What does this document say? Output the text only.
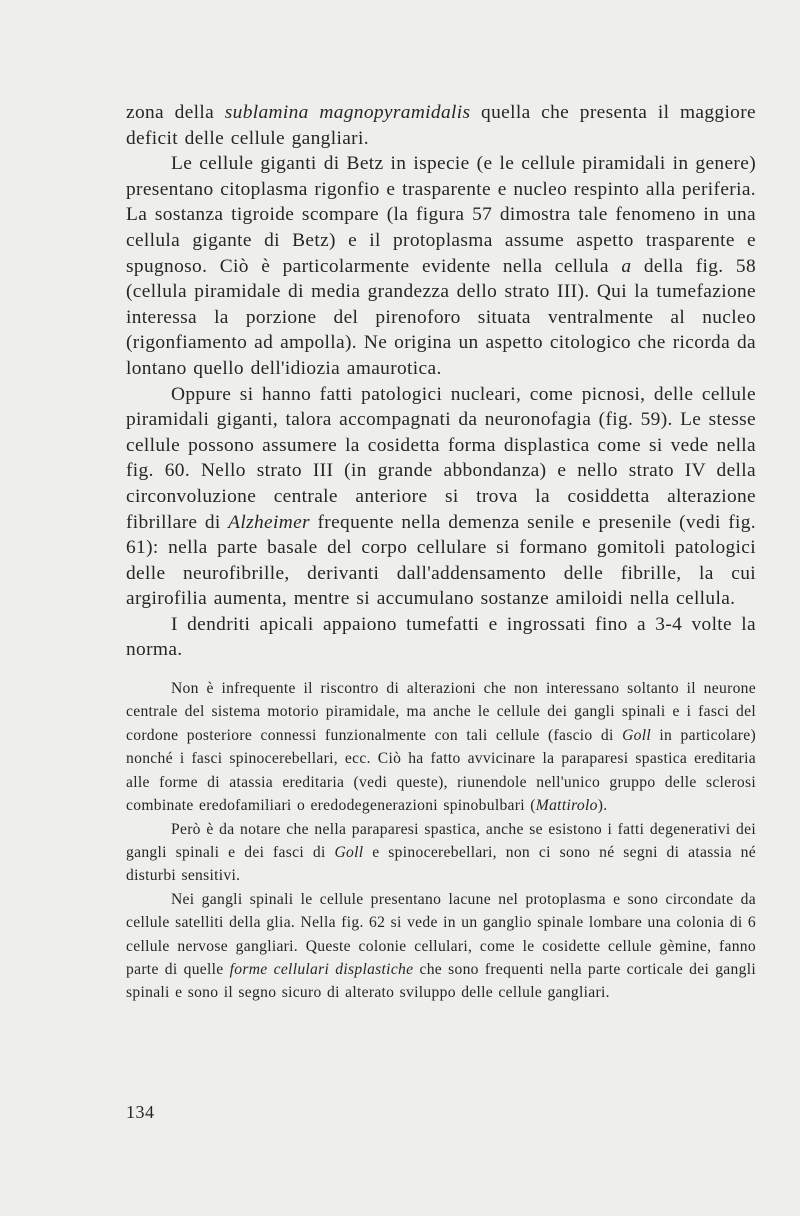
zona della sublamina magnopyramidalis quella che presenta il maggiore deficit delle cellule gangliari.

Le cellule giganti di Betz in ispecie (e le cellule piramidali in genere) presentano citoplasma rigonfio e trasparente e nucleo respinto alla periferia. La sostanza tigroide scompare (la figura 57 dimostra tale fenomeno in una cellula gigante di Betz) e il protoplasma assume aspetto trasparente e spugnoso. Ciò è particolarmente evidente nella cellula a della fig. 58 (cellula piramidale di media grandezza dello strato III). Qui la tumefazione interessa la porzione del pirenoforo situata ventralmente al nucleo (rigonfiamento ad ampolla). Ne origina un aspetto citologico che ricorda da lontano quello dell'idiozia amaurotica.

Oppure si hanno fatti patologici nucleari, come picnosi, delle cellule piramidali giganti, talora accompagnati da neuronofagia (fig. 59). Le stesse cellule possono assumere la cosidetta forma displastica come si vede nella fig. 60. Nello strato III (in grande abbondanza) e nello strato IV della circonvoluzione centrale anteriore si trova la cosiddetta alterazione fibrillare di Alzheimer frequente nella demenza senile e presenile (vedi fig. 61): nella parte basale del corpo cellulare si formano gomitoli patologici delle neurofibrille, derivanti dall'addensamento delle fibrille, la cui argirofilia aumenta, mentre si accumulano sostanze amiloidi nella cellula.

I dendriti apicali appaiono tumefatti e ingrossati fino a 3-4 volte la norma.

Non è infrequente il riscontro di alterazioni che non interessano soltanto il neurone centrale del sistema motorio piramidale, ma anche le cellule dei gangli spinali e i fasci del cordone posteriore connessi funzionalmente con tali cellule (fascio di Goll in particolare) nonché i fasci spinocerebellari, ecc. Ciò ha fatto avvicinare la paraparesi spastica ereditaria alle forme di atassia ereditaria (vedi queste), riunendole nell'unico gruppo delle sclerosi combinate eredofamiliari o eredodegenerazioni spinobulbari (Mattirolo).

Però è da notare che nella paraparesi spastica, anche se esistono i fatti degenerativi dei gangli spinali e dei fasci di Goll e spinocerebellari, non ci sono né segni di atassia né disturbi sensitivi.

Nei gangli spinali le cellule presentano lacune nel protoplasma e sono circondate da cellule satelliti della glia. Nella fig. 62 si vede in un ganglio spinale lombare una colonia di 6 cellule nervose gangliari. Queste colonie cellulari, come le cosidette cellule gèmine, fanno parte di quelle forme cellulari displastiche che sono frequenti nella parte corticale dei gangli spinali e sono il segno sicuro di alterato sviluppo delle cellule gangliari.

134
